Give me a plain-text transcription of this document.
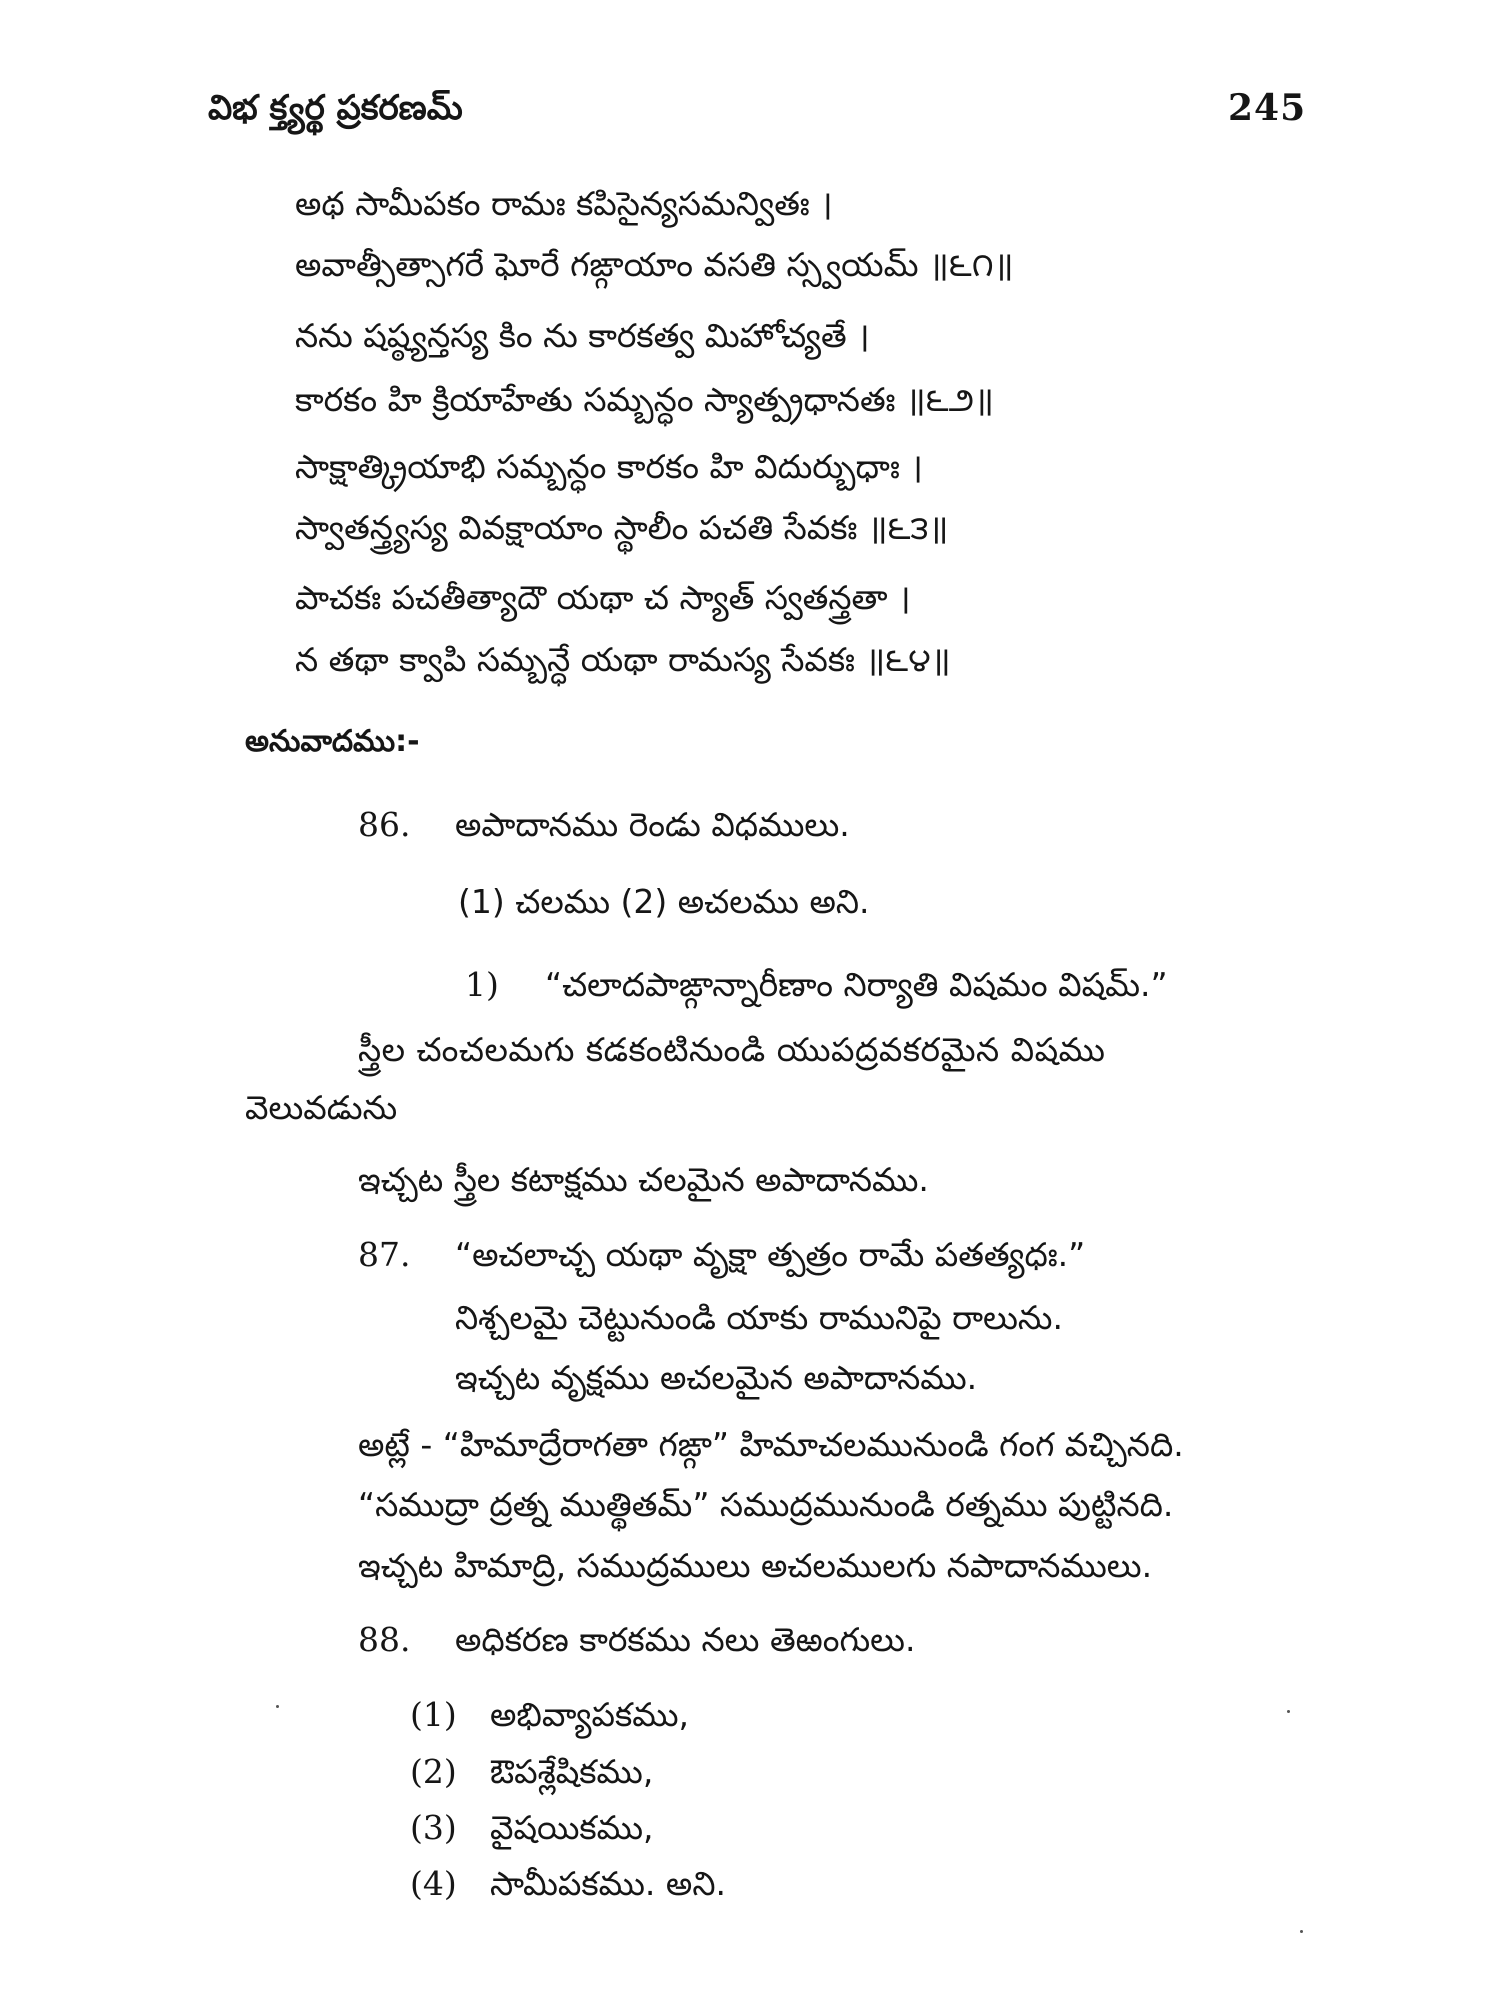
విభ క్త్యర్థ ప్రకరణమ్	245
అథ సామీపకం రామః కపిసైన్యసమన్వితః ।
అవాత్సీత్సాగరే ఘోరే గఙ్గాయాం వసతి స్స్వయమ్ ॥౬౧॥
నను షష్ఠ్యన్తస్య కిం ను కారకత్వ మిహోచ్యతే ।
కారకం హి క్రియాహేతు సమ్బన్ధం స్యాత్ప్రధానతః ॥౬౨॥
సాక్షాత్క్రియాభి సమ్బన్ధం కారకం హి విదుర్బుధాః ।
స్వాతన్త్ర్యస్య వివక్షాయాం స్థాలీం పచతి సేవకః ॥౬౩॥
పాచకః పచతీత్యాదౌ యథా చ స్యాత్ స్వతన్త్రతా ।
న తథా క్వాపి సమ్బన్ధే యథా రామస్య సేవకః ॥౬౪॥
అనువాదము:-
86. అపాదానము రెండు విధములు.
(1) చలము (2) అచలము అని.
1) “చలాదపాఙ్గాన్నారీణాం నిర్యాతి విషమం విషమ్.”
స్త్రీల చంచలమగు కడకంటినుండి యుపద్రవకరమైన విషము
వెలువడును
ఇచ్చట స్త్రీల కటాక్షము చలమైన అపాదానము.
87. “అచలాచ్చ యథా వృక్షా త్పత్రం రామే పతత్యధః.”
నిశ్చలమై చెట్టునుండి యాకు రామునిపై రాలును.
ఇచ్చట వృక్షము అచలమైన అపాదానము.
అట్లే - “హిమాద్రేరాగతా గఙ్గా” హిమాచలమునుండి గంగ వచ్చినది.
“సముద్రా ద్రత్న ముత్థితమ్” సముద్రమునుండి రత్నము పుట్టినది.
ఇచ్చట హిమాద్రి, సముద్రములు అచలములగు నపాదానములు.
88. అధికరణ కారకము నలు తెఱంగులు.
(1) అభివ్యాపకము,
(2) ఔపశ్లేషికము,
(3) వైషయికము,
(4) సామీపకము. అని.
